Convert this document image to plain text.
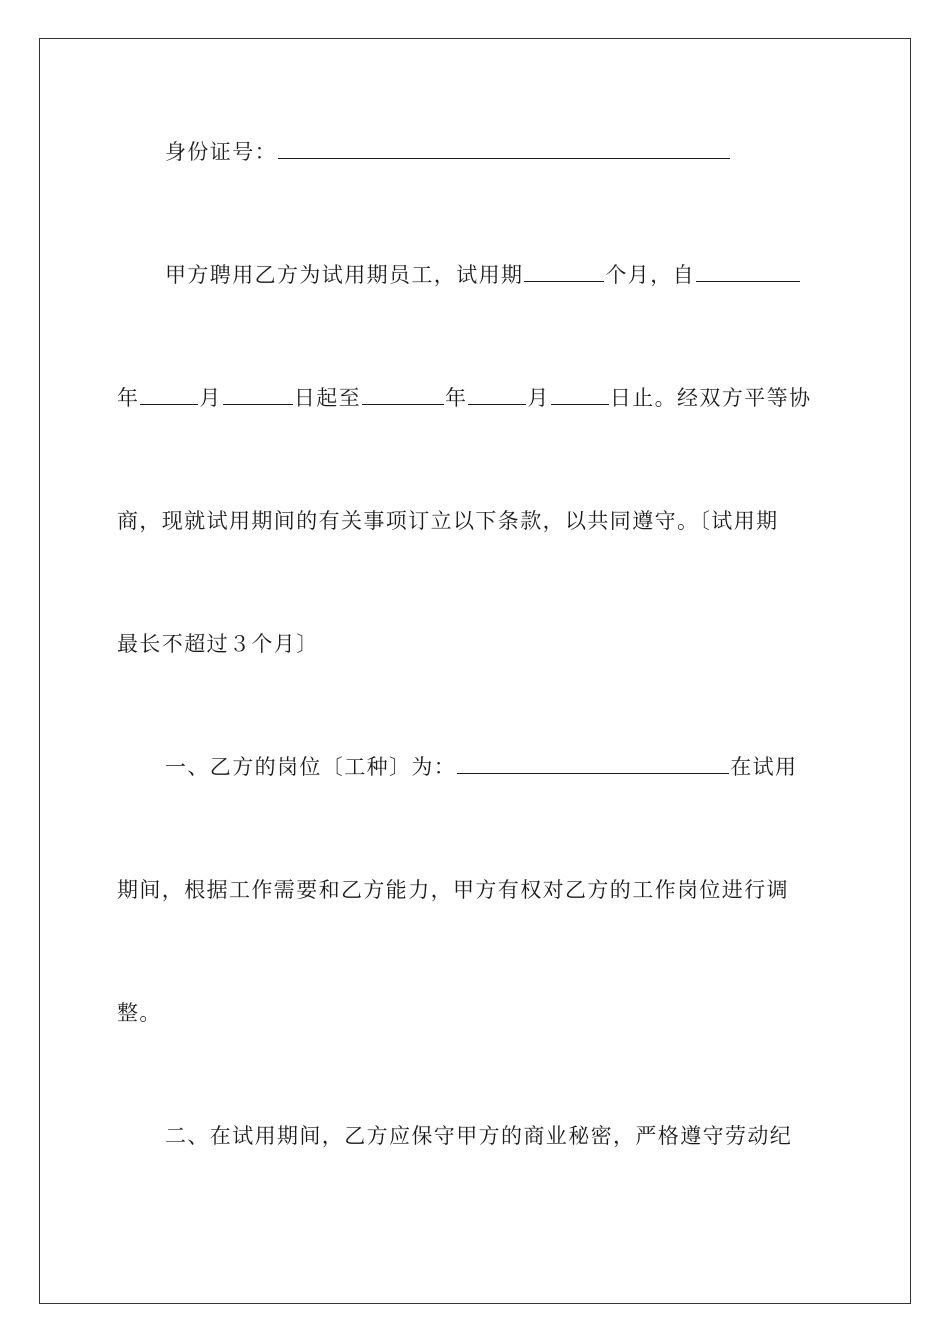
身份证号：
甲方聘用乙方为试用期员工，试用期	个月，自
年	月	日起至	年	月	日止。经双方平等协
商，现就试用期间的有关事项订立以下条款，以共同遵守。〔试用期
最长不超过３个月〕
一、乙方的岗位〔工种〕为：	在试用
期间，根据工作需要和乙方能力，甲方有权对乙方的工作岗位进行调
整。
二、在试用期间，乙方应保守甲方的商业秘密，严格遵守劳动纪
